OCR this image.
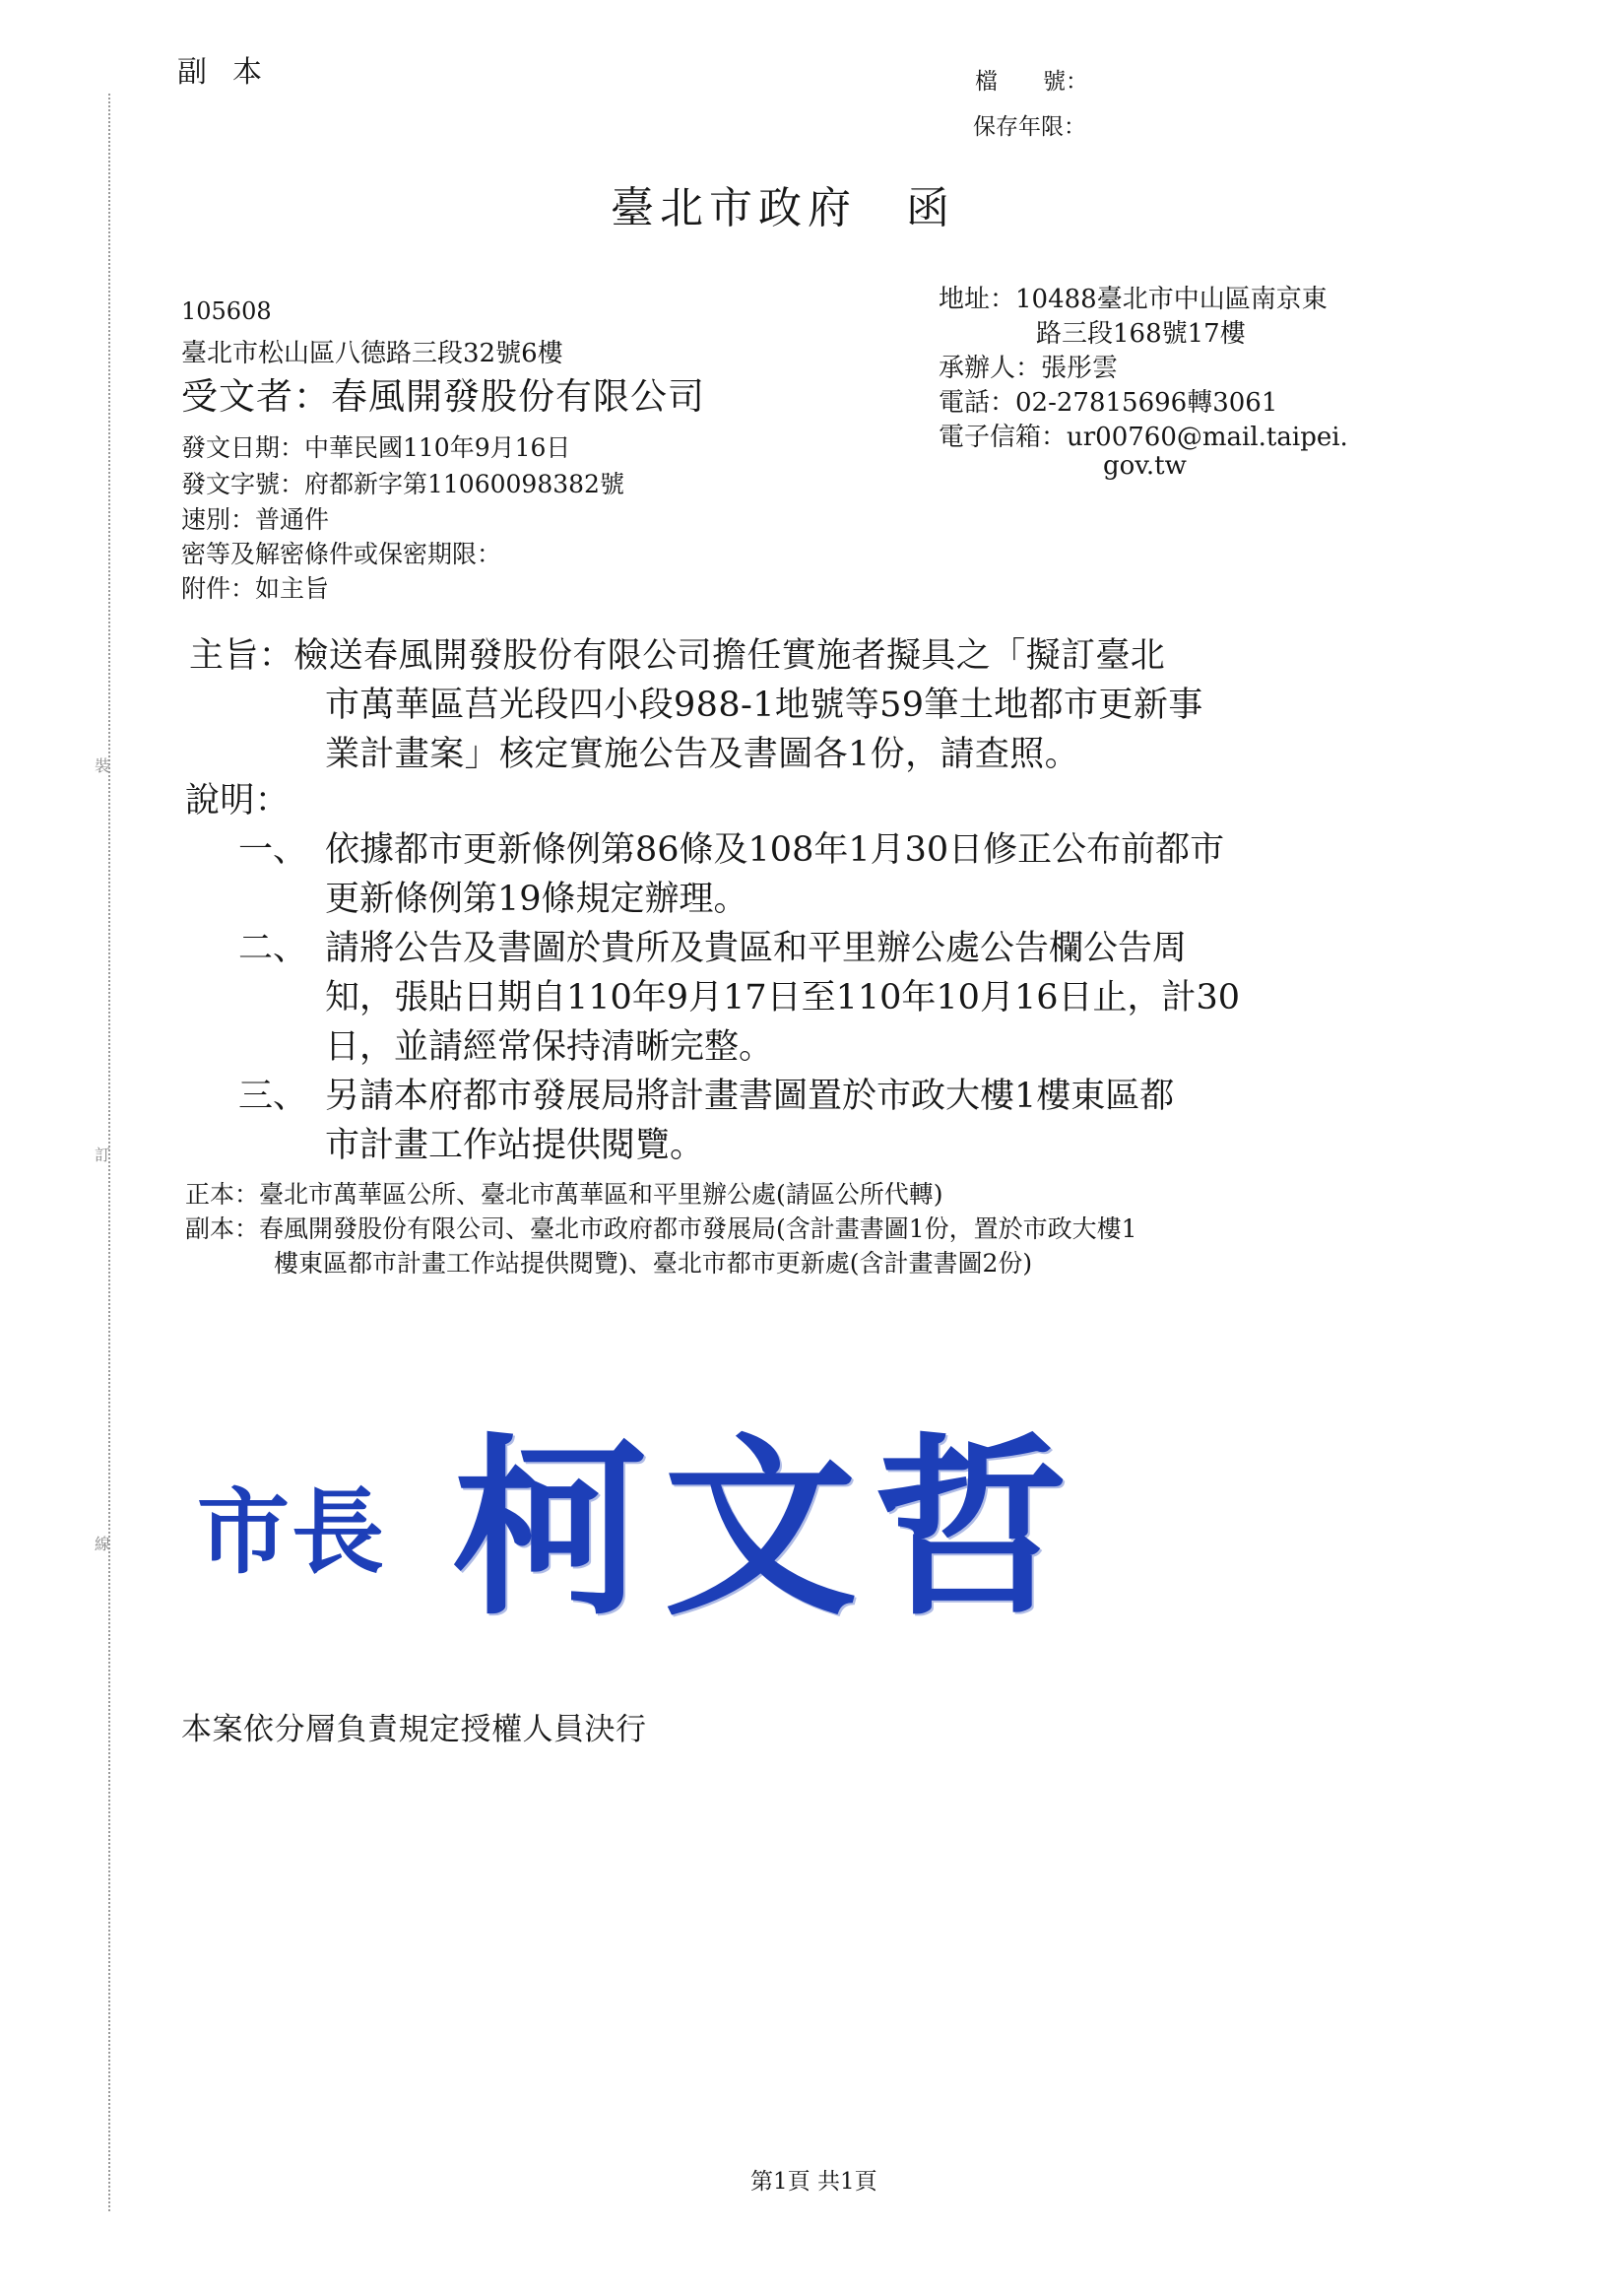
裝
訂
線
副本	檔　　號：
保存年限：
臺北市政府　函
105608
臺北市松山區八德路三段32號6樓
受文者：春風開發股份有限公司
地址：10488臺北市中山區南京東
路三段168號17樓
承辦人：張彤雲
電話：02-27815696轉3061
電子信箱：ur00760@mail.taipei.
gov.tw
發文日期：中華民國110年9月16日
發文字號：府都新字第11060098382號
速別：普通件
密等及解密條件或保密期限：
附件：如主旨
主旨：檢送春風開發股份有限公司擔任實施者擬具之「擬訂臺北
市萬華區莒光段四小段988-1地號等59筆土地都市更新事
業計畫案」核定實施公告及書圖各1份，請查照。
說明：
一、 依據都市更新條例第86條及108年1月30日修正公布前都市
更新條例第19條規定辦理。
二、 請將公告及書圖於貴所及貴區和平里辦公處公告欄公告周
知，張貼日期自110年9月17日至110年10月16日止，計30
日，並請經常保持清晰完整。
三、 另請本府都市發展局將計畫書圖置於市政大樓1樓東區都
市計畫工作站提供閱覽。
正本：臺北市萬華區公所、臺北市萬華區和平里辦公處(請區公所代轉)
副本：春風開發股份有限公司、臺北市政府都市發展局(含計畫書圖1份，置於市政大樓1
樓東區都市計畫工作站提供閱覽)、臺北市都市更新處(含計畫書圖2份)
市長 柯文哲
本案依分層負責規定授權人員決行
第1頁 共1頁
